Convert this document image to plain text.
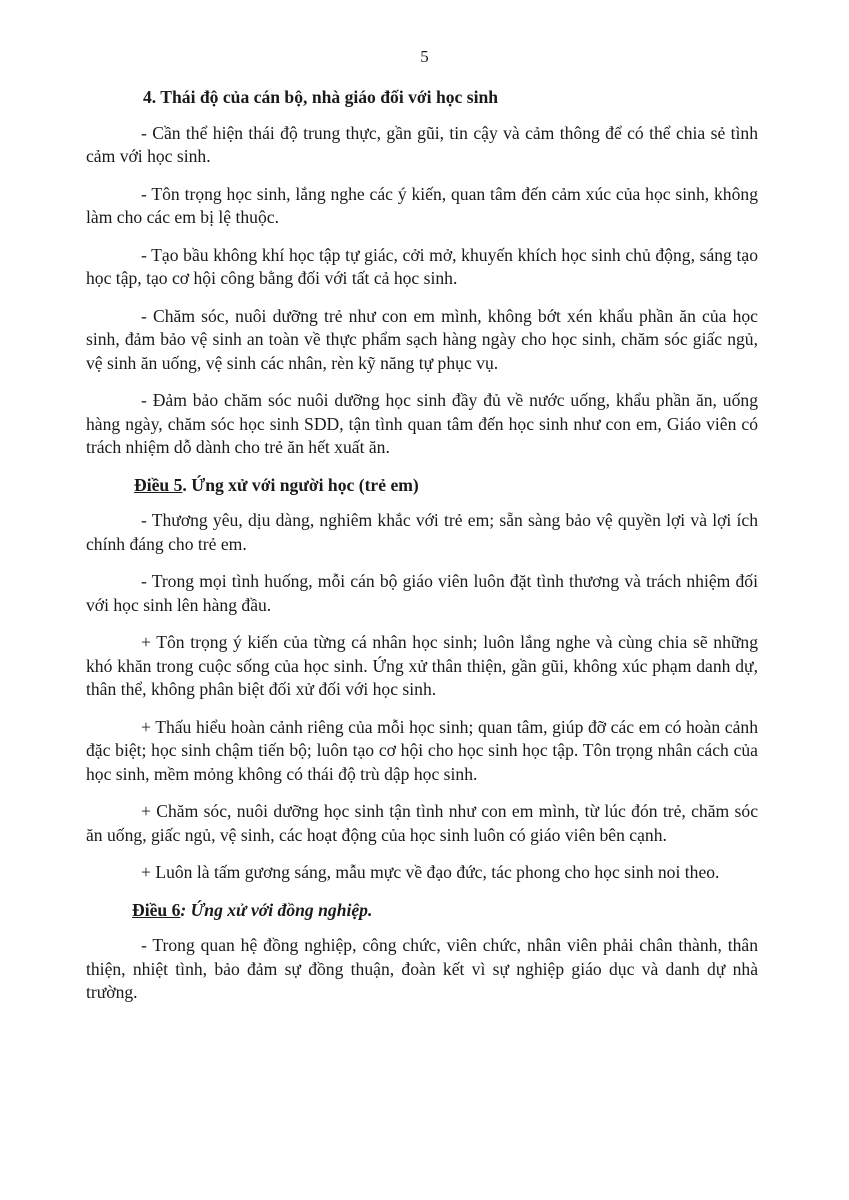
5
4. Thái độ của cán bộ, nhà giáo đối với học sinh

- Cần thể hiện thái độ trung thực, gần gũi, tin cậy và cảm thông để có thể chia sẻ tình cảm với học sinh.

- Tôn trọng học sinh, lắng nghe các ý kiến, quan tâm đến cảm xúc của học sinh, không làm cho các em bị lệ thuộc.

- Tạo bầu không khí học tập tự giác, cởi mở, khuyến khích học sinh chủ động, sáng tạo học tập, tạo cơ hội công bằng đối với tất cả học sinh.

- Chăm sóc, nuôi dưỡng trẻ như con em mình, không bớt xén khẩu phần ăn của học sinh, đảm bảo vệ sinh an toàn về thực phẩm sạch hàng ngày cho học sinh, chăm sóc giấc ngủ, vệ sinh ăn uống, vệ sinh các nhân, rèn kỹ năng tự phục vụ.

- Đảm bảo chăm sóc nuôi dưỡng học sinh đầy đủ về nước uống, khẩu phần ăn, uống hàng ngày, chăm sóc học sinh SDD, tận tình quan tâm đến học sinh như con em, Giáo viên có trách nhiệm dỗ dành cho trẻ ăn hết xuất ăn.

Điều 5. Ứng xử với người học (trẻ em)

- Thương yêu, dịu dàng, nghiêm khắc với trẻ em; sẵn sàng bảo vệ quyền lợi và lợi ích chính đáng cho trẻ em.

- Trong mọi tình huống, mỗi cán bộ giáo viên luôn đặt tình thương và trách nhiệm đối với học sinh lên hàng đầu.

+ Tôn trọng ý kiến của từng cá nhân học sinh; luôn lắng nghe và cùng chia sẽ những khó khăn trong cuộc sống của học sinh. Ứng xử thân thiện, gần gũi, không xúc phạm danh dự, thân thể, không phân biệt đối xử đối với học sinh.

+ Thấu hiểu hoàn cảnh riêng của mỗi học sinh; quan tâm, giúp đỡ các em có hoàn cảnh đặc biệt; học sinh chậm tiến bộ; luôn tạo cơ hội cho học sinh học tập. Tôn trọng nhân cách của học sinh, mềm mỏng không có thái độ trù dập học sinh.

+ Chăm sóc, nuôi dưỡng học sinh tận tình như con em mình, từ lúc đón trẻ, chăm sóc ăn uống, giấc ngủ, vệ sinh, các hoạt động của học sinh luôn có giáo viên bên cạnh.

+ Luôn là tấm gương sáng, mẫu mực về đạo đức, tác phong cho học sinh noi theo.

Điều 6: Ứng xử với đồng nghiệp.

- Trong quan hệ đồng nghiệp, công chức, viên chức, nhân viên phải chân thành, thân thiện, nhiệt tình, bảo đảm sự đồng thuận, đoàn kết vì sự nghiệp giáo dục và danh dự nhà trường.
